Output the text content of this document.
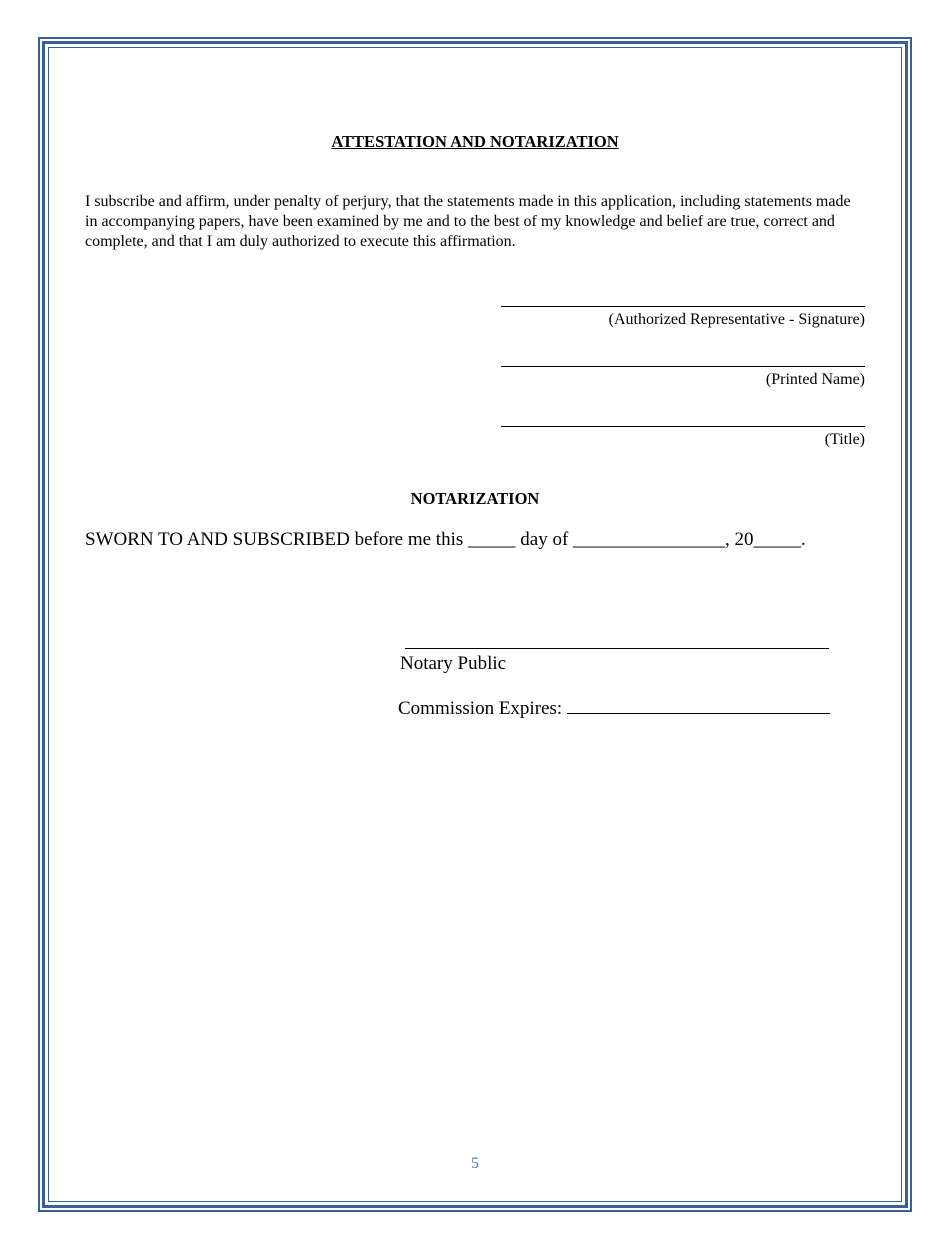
ATTESTATION AND NOTARIZATION
I subscribe and affirm, under penalty of perjury, that the statements made in this application, including statements made in accompanying papers, have been examined by me and to the best of my knowledge and belief are true, correct and complete, and that I am duly authorized to execute this affirmation.
(Authorized Representative - Signature)
(Printed Name)
(Title)
NOTARIZATION
SWORN TO AND SUBSCRIBED before me this _____ day of ________________, 20_____.
Notary Public
Commission Expires:
5
